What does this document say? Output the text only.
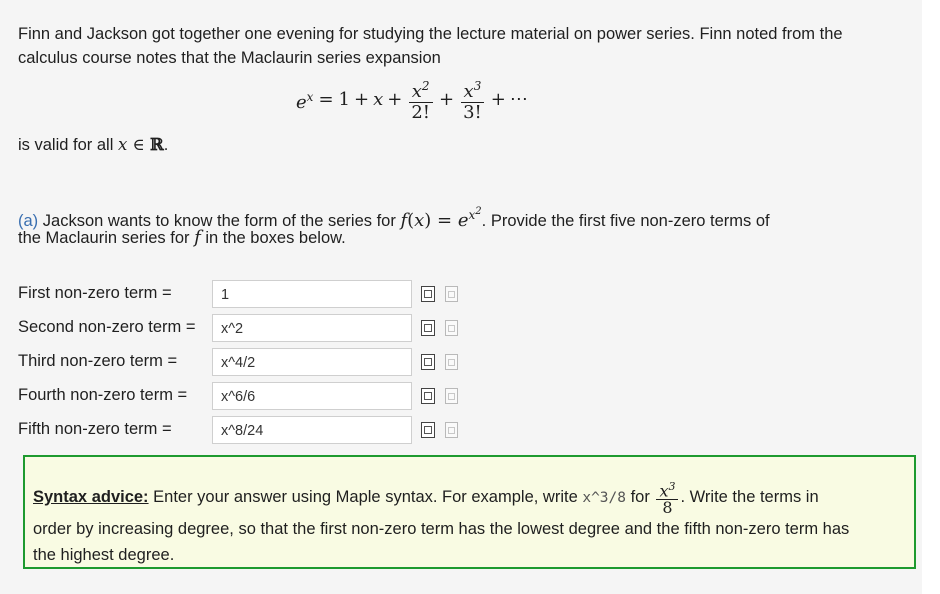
Finn and Jackson got together one evening for studying the lecture material on power series. Finn noted from the
calculus course notes that the Maclaurin series expansion
$e^x = 1 + x + \frac{x^2}{2!} + \frac{x^3}{3!}$ + ⋯
is valid for all x ∈ ℝ.
(a) Jackson wants to know the form of the series for $f(x) = e^{x^2}$. Provide the first five non-zero terms of
the Maclaurin series for f in the boxes below.
First non-zero term =	1
Second non-zero term =	x^2
Third non-zero term =	x^4/2
Fourth non-zero term =	x^6/6
Fifth non-zero term =	x^8/24
Syntax advice: Enter your answer using Maple syntax. For example, write x^3/8 for $\frac{x^3}{8}$ . Write the terms in
order by increasing degree, so that the first non-zero term has the lowest degree and the fifth non-zero term has
the highest degree.
